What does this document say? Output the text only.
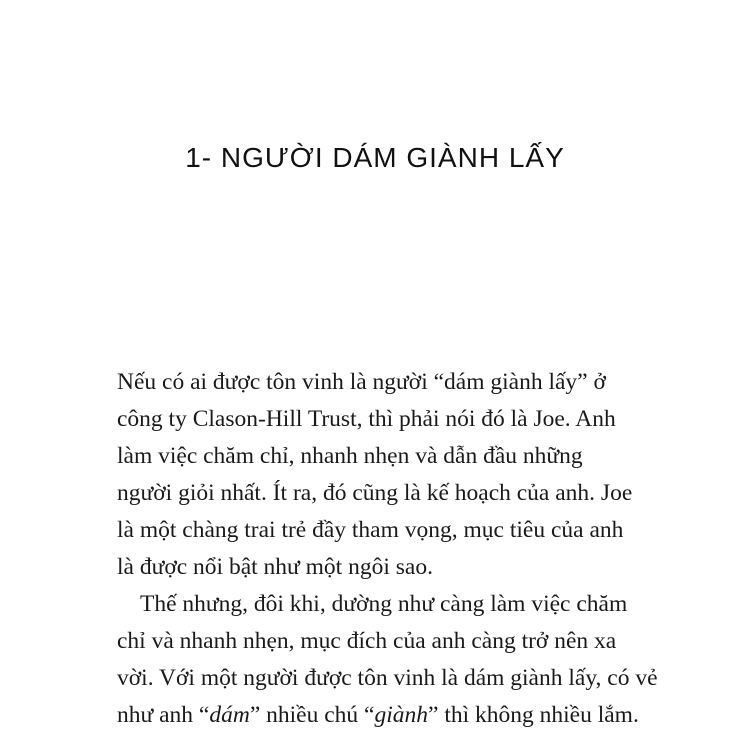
1- NGƯỜI DÁM GIÀNH LẤY
Nếu có ai được tôn vinh là người “dám giành lấy” ở
công ty Clason-Hill Trust, thì phải nói đó là Joe. Anh
làm việc chăm chỉ, nhanh nhẹn và dẫn đầu những
người giỏi nhất. Ít ra, đó cũng là kế hoạch của anh. Joe
là một chàng trai trẻ đầy tham vọng, mục tiêu của anh
là được nổi bật như một ngôi sao.
Thế nhưng, đôi khi, dường như càng làm việc chăm
chỉ và nhanh nhẹn, mục đích của anh càng trở nên xa
vời. Với một người được tôn vinh là dám giành lấy, có vẻ
như anh “dám” nhiều chú “giành” thì không nhiều lắm.
